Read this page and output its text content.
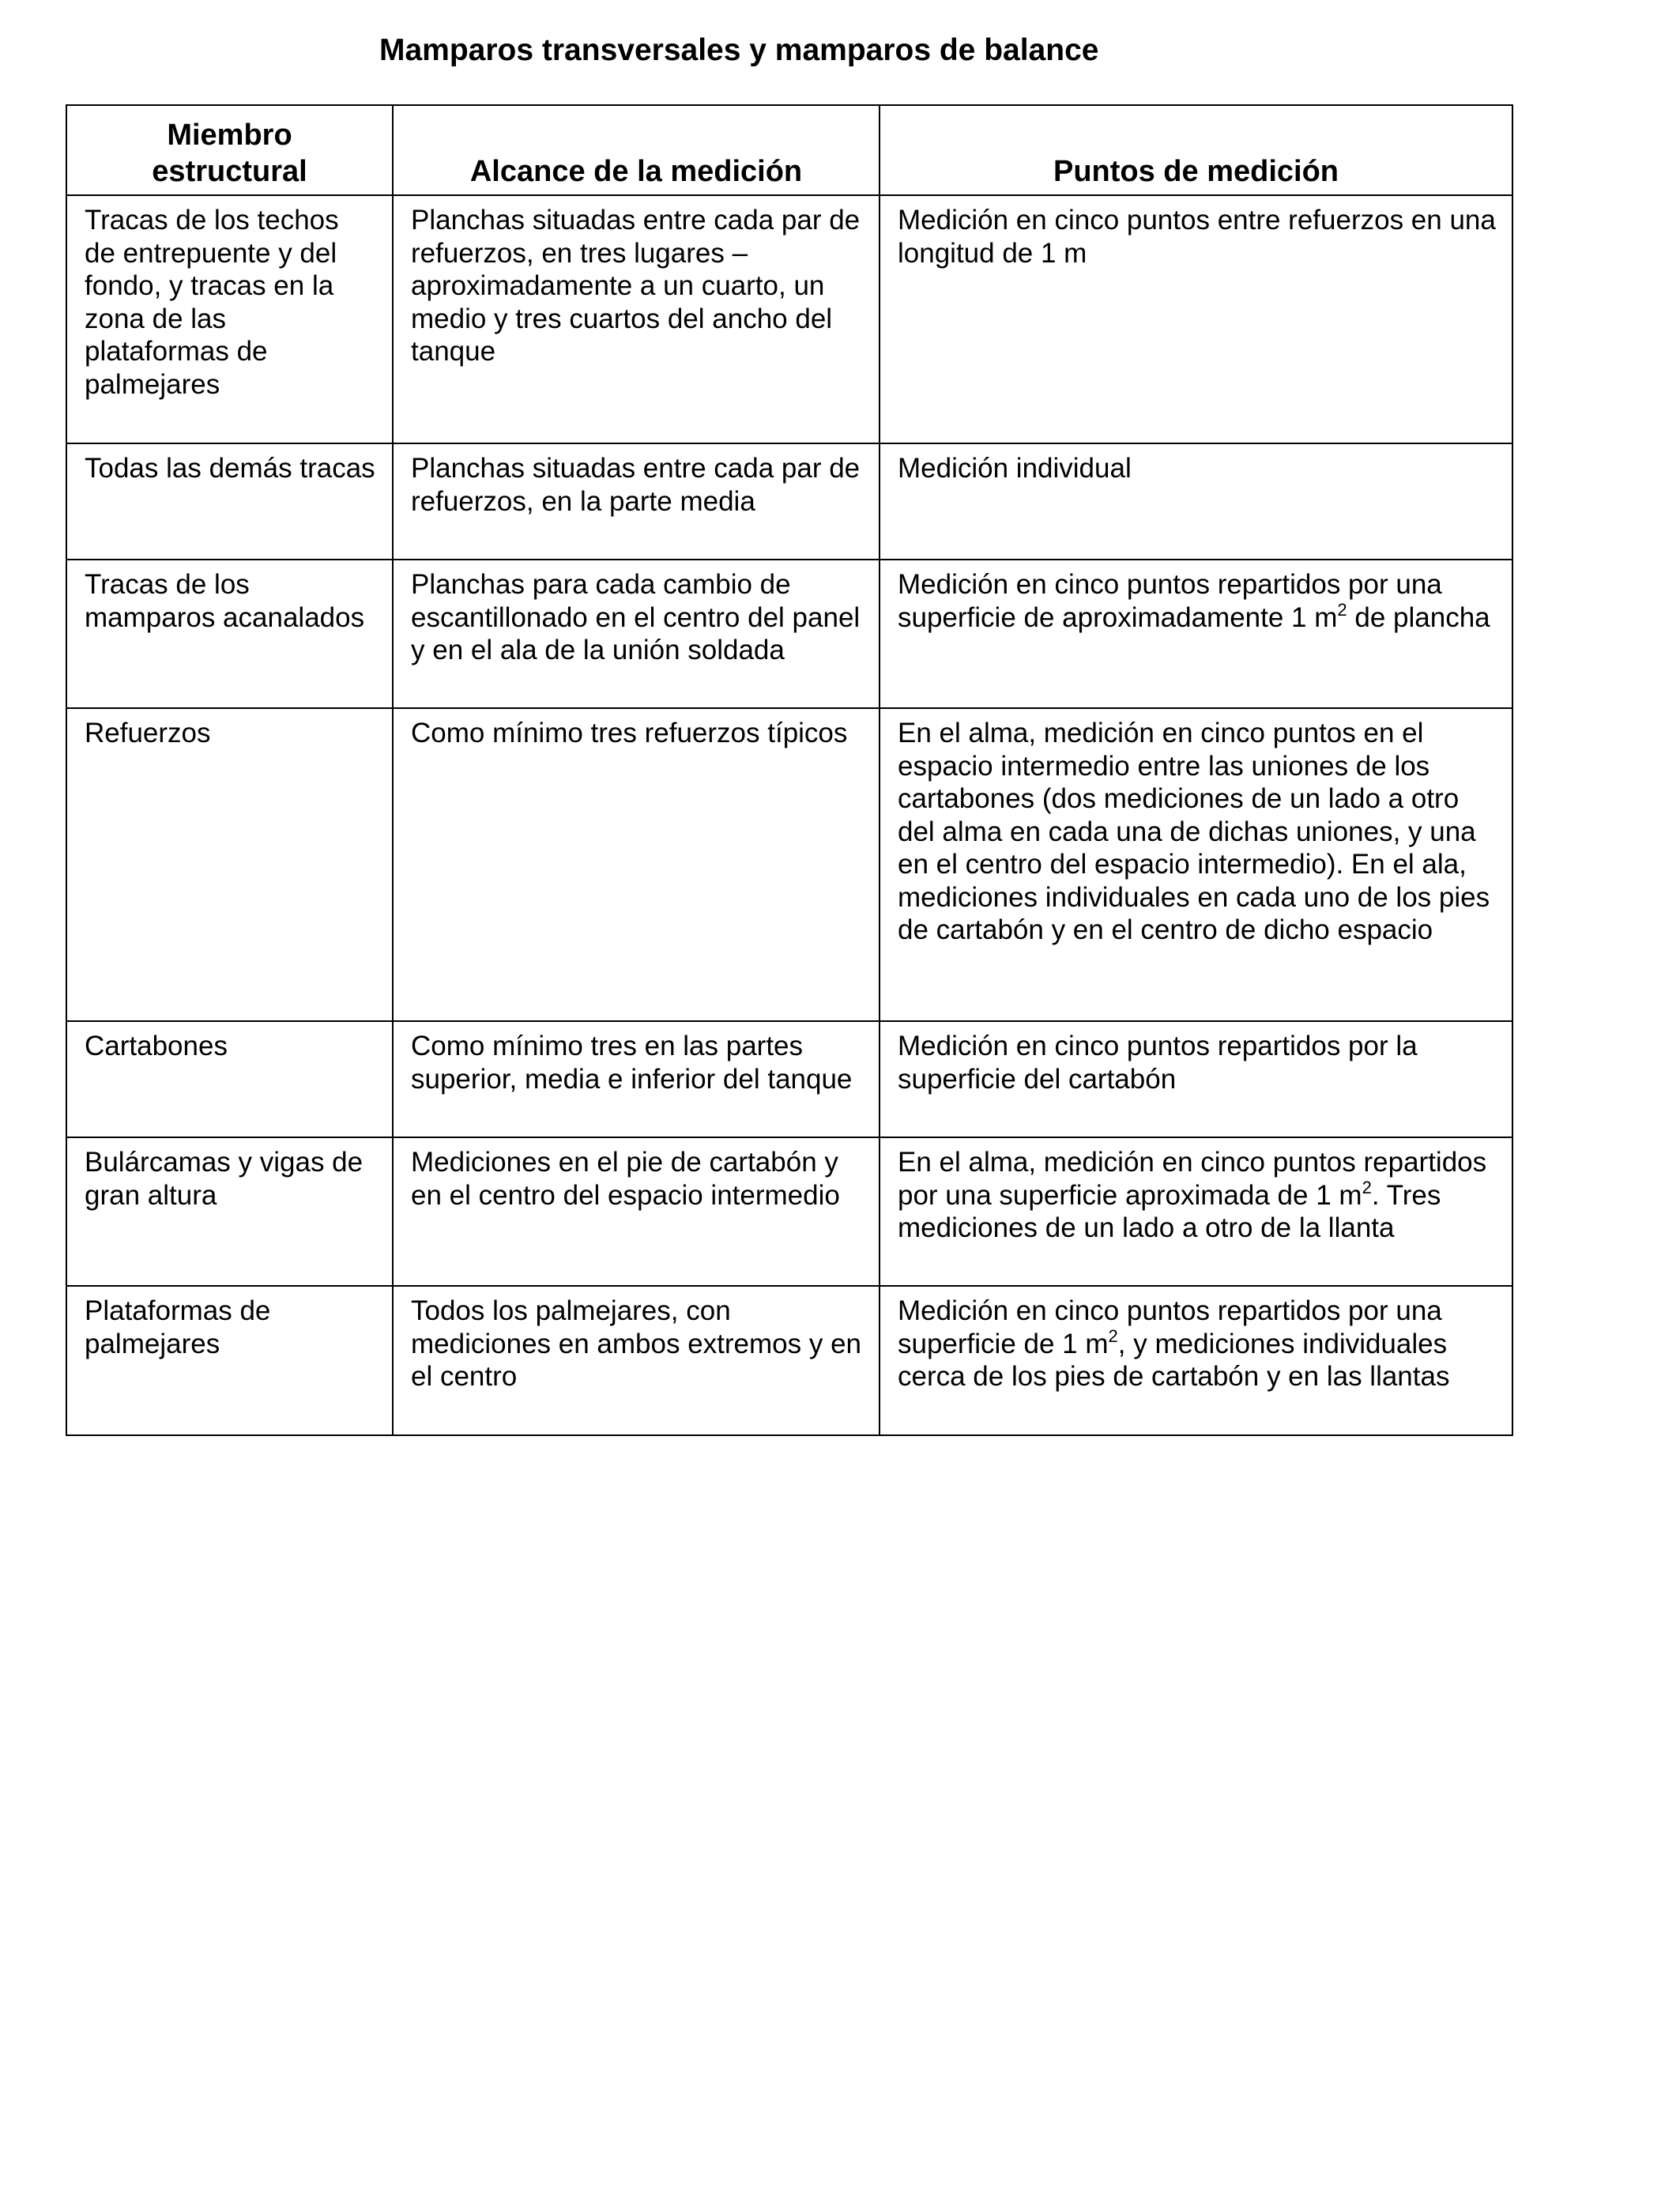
Mamparos transversales y mamparos de balance
Miembro estructural	Alcance de la medición	Puntos de medición
Tracas de los techos de entrepuente y del fondo, y tracas en la zona de las plataformas de palmejares	Planchas situadas entre cada par de refuerzos, en tres lugares – aproximadamente a un cuarto, un medio y tres cuartos del ancho del tanque	Medición en cinco puntos entre refuerzos en una longitud de 1 m
Todas las demás tracas	Planchas situadas entre cada par de refuerzos, en la parte media	Medición individual
Tracas de los mamparos acanalados	Planchas para cada cambio de escantillonado en el centro del panel y en el ala de la unión soldada	Medición en cinco puntos repartidos por una superficie de aproximadamente 1 $m^2$ de plancha
Refuerzos	Como mínimo tres refuerzos típicos	En el alma, medición en cinco puntos en el espacio intermedio entre las uniones de los cartabones (dos mediciones de un lado a otro del alma en cada una de dichas uniones, y una en el centro del espacio intermedio). En el ala, mediciones individuales en cada uno de los pies de cartabón y en el centro de dicho espacio
Cartabones	Como mínimo tres en las partes superior, media e inferior del tanque	Medición en cinco puntos repartidos por la superficie del cartabón
Bulárcamas y vigas de gran altura	Mediciones en el pie de cartabón y en el centro del espacio intermedio	En el alma, medición en cinco puntos repartidos por una superficie aproximada de 1 $m^2$. Tres mediciones de un lado a otro de la llanta
Plataformas de palmejares	Todos los palmejares, con mediciones en ambos extremos y en el centro	Medición en cinco puntos repartidos por una superficie de 1 $m^2$, y mediciones individuales cerca de los pies de cartabón y en las llantas
